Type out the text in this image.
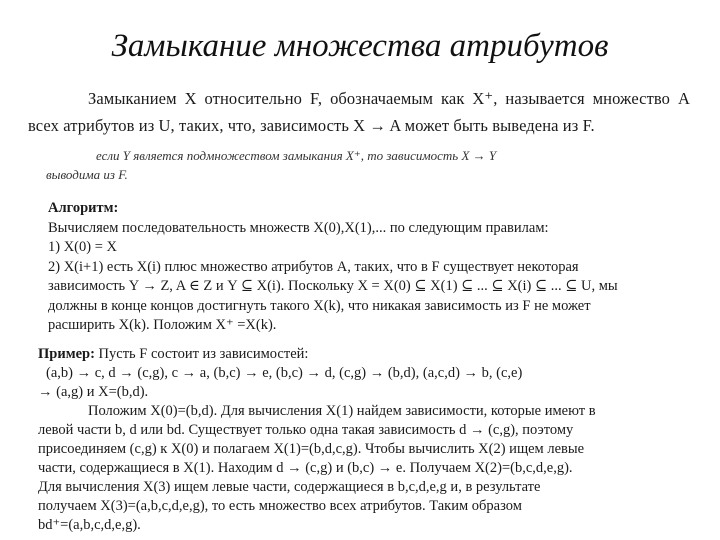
Замыкание множества атрибутов

Замыканием X относительно F, обозначаемым как X⁺, называется множество A всех атрибутов из U, таких, что, зависимость X → A может быть выведена из F.

если Y является подмножеством замыкания X⁺, то зависимость X → Y
выводима из F.
Алгоритм:
Вычисляем последовательность множеств X(0),X(1),... по следующим правилам:
1) X(0) = X
2) X(i+1) есть X(i) плюс множество атрибутов A, таких, что в F существует некоторая
зависимость Y → Z, A ∈ Z и Y ⊆ X(i). Поскольку X = X(0) ⊆ X(1) ⊆ ... ⊆ X(i) ⊆ ... ⊆ U, мы
должны в конце концов достигнуть такого X(k), что никакая зависимость из F не может
расширить X(k). Положим X⁺ =X(k).
Пример: Пусть F состоит из зависимостей:
(a,b) → c, d → (c,g), c → a, (b,c) → e, (b,c) → d, (c,g) → (b,d), (a,c,d) → b, (c,e)
→ (a,g) и X=(b,d).
Положим X(0)=(b,d). Для вычисления X(1) найдем зависимости, которые имеют в
левой части b, d или bd. Существует только одна такая зависимость d → (c,g), поэтому
присоединяем (c,g) к X(0) и полагаем X(1)=(b,d,c,g). Чтобы вычислить X(2) ищем левые
части, содержащиеся в X(1). Находим d → (c,g) и (b,c) → e. Получаем X(2)=(b,c,d,e,g).
Для вычисления X(3) ищем левые части, содержащиеся в b,c,d,e,g и, в результате
получаем X(3)=(a,b,c,d,e,g), то есть множество всех атрибутов. Таким образом
bd⁺=(a,b,c,d,e,g).
